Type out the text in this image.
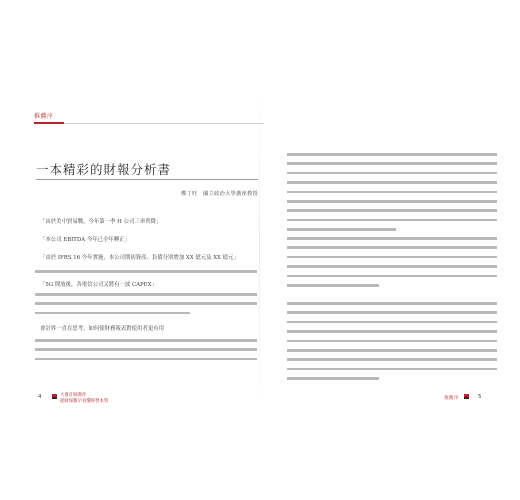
推薦序
一本精彩的財報分析書
鄭丁旺　國立政治大學講座教授
「由於美中貿易戰，今年第一季 H 公司三率齊降」
「本公司 EBITDA 今年已全年轉正」
「由於 IFRS 16 今年實施，本公司期初資產、負債分別增加 XX 億元及 XX 億元」
「5G 開放後，各電信公司又將有一波 CAPEX」
會計界一直在思考，如何使財務報表對使用者更有用
4	大會計師教你
從財報數字看懂經營本質
推薦序	5
